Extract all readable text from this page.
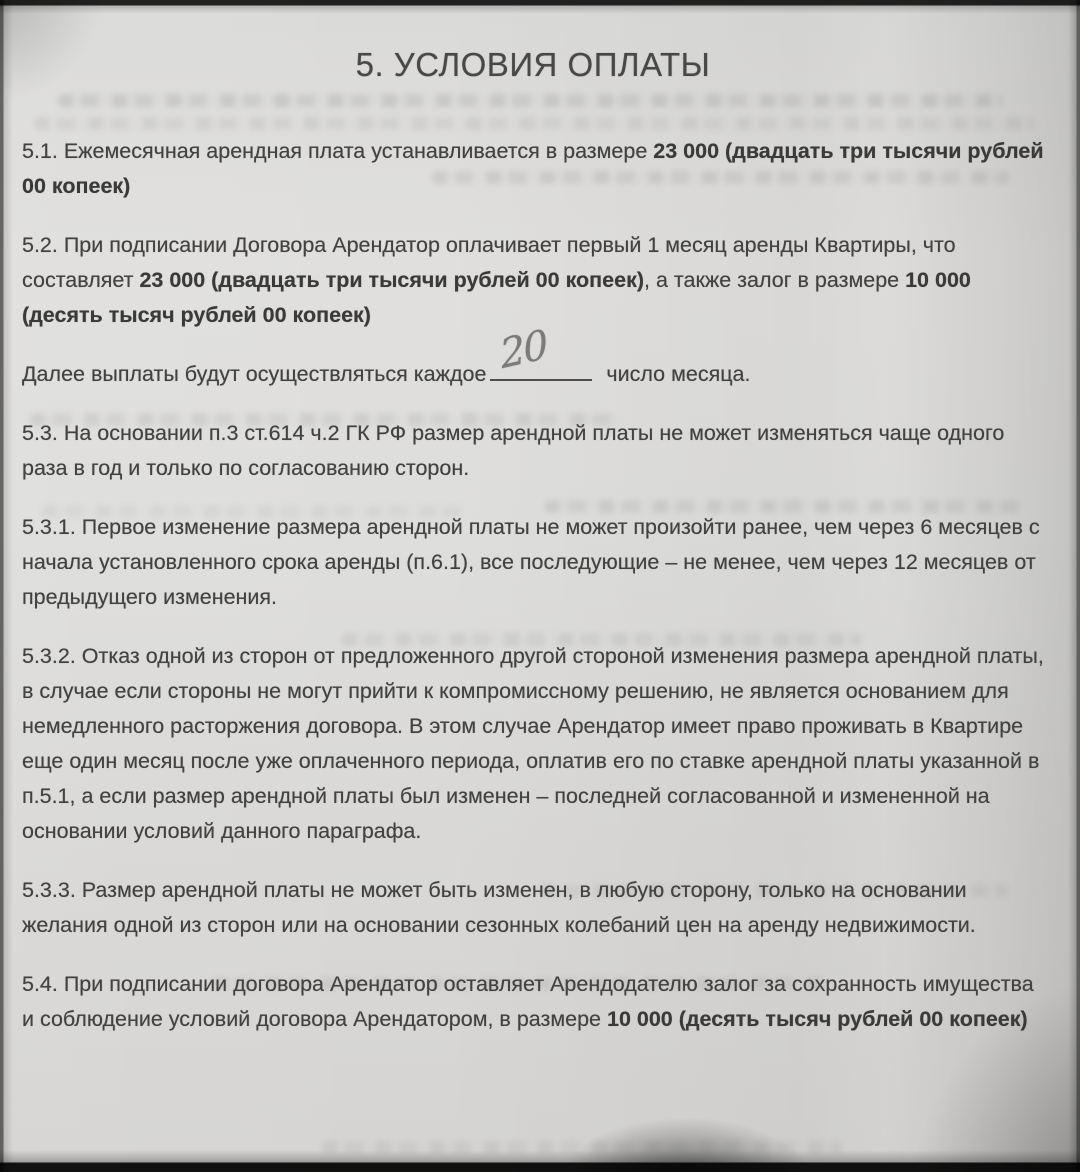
5. УСЛОВИЯ ОПЛАТЫ

5.1. Ежемесячная арендная плата устанавливается в размере 23 000 (двадцать три тысячи рублей 00 копеек)

5.2. При подписании Договора Арендатор оплачивает первый 1 месяц аренды Квартиры, что составляет 23 000 (двадцать три тысячи рублей 00 копеек), а также залог в размере 10 000 (десять тысяч рублей 00 копеек)

Далее выплаты будут осуществляться каждое 20	число месяца.

5.3. На основании п.3 ст.614 ч.2 ГК РФ размер арендной платы не может изменяться чаще одного раза в год и только по согласованию сторон.

5.3.1. Первое изменение размера арендной платы не может произойти ранее, чем через 6 месяцев с начала установленного срока аренды (п.6.1), все последующие – не менее, чем через 12 месяцев от предыдущего изменения.

5.3.2. Отказ одной из сторон от предложенного другой стороной изменения размера арендной платы, в случае если стороны не могут прийти к компромиссному решению, не является основанием для немедленного расторжения договора. В этом случае Арендатор имеет право проживать в Квартире еще один месяц после уже оплаченного периода, оплатив его по ставке арендной платы указанной в п.5.1, а если размер арендной платы был изменен – последней согласованной и измененной на основании условий данного параграфа.

5.3.3. Размер арендной платы не может быть изменен, в любую сторону, только на основании желания одной из сторон или на основании сезонных колебаний цен на аренду недвижимости.

5.4. При подписании договора Арендатор оставляет Арендодателю залог за сохранность имущества и соблюдение условий договора Арендатором, в размере 10 000 (десять тысяч рублей 00 копеек)
